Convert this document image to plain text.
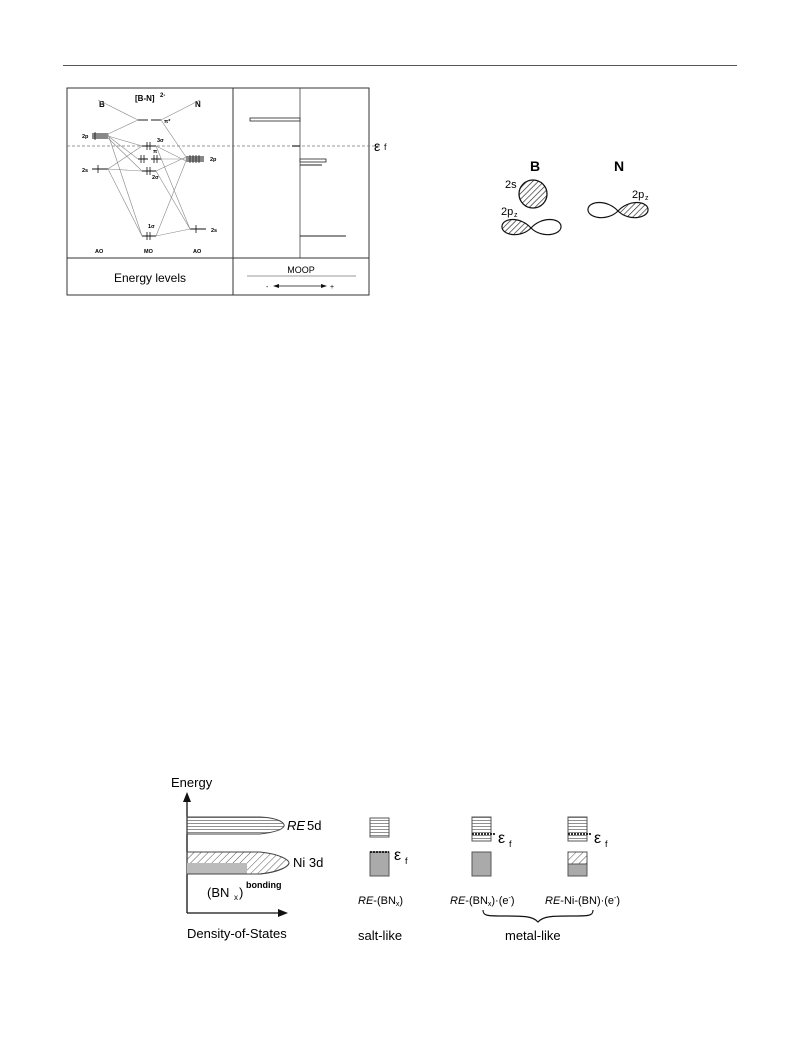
B
[B-N] 2-
N
2p
2s
2p
2s
π*
3σ
π
2σ
1σ
AO	MO	AO
Energy levels
MOOP
-	+
ε f
B	N
2s
2p z
2p z
Energy
Density-of-States
RE 5d
Ni 3d
(BN x ) bonding
ε f
ε f	ε f
RE-(BNx)	RE-(BNx)·(e-)	RE-Ni-(BN)·(e-)
salt-like	metal-like
